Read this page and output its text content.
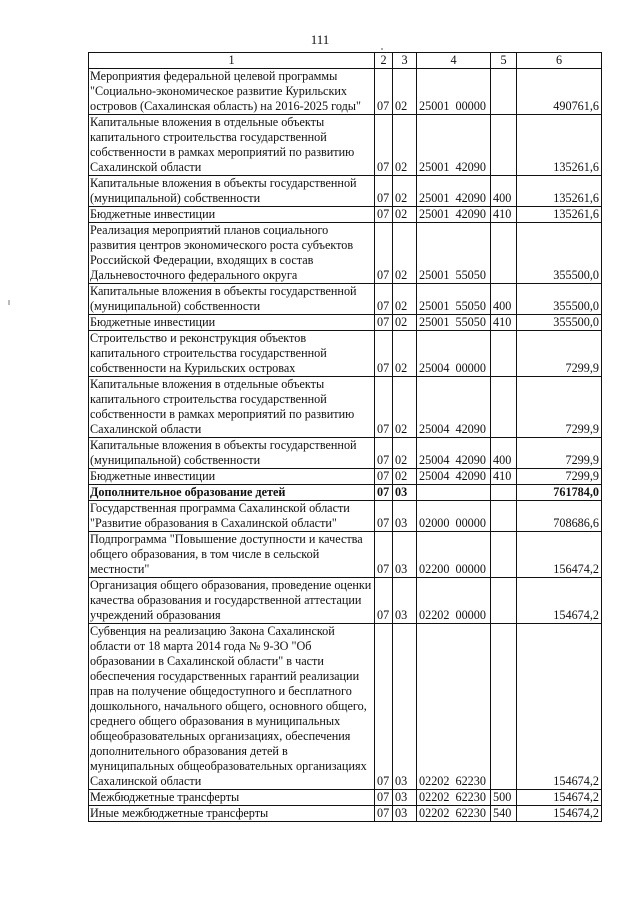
111
1	2	3	4	5	6
Мероприятия федеральной целевой программы "Социально-экономическое развитие Курильских островов (Сахалинская область) на 2016-2025 годы"	07	02	25001 00000		490761,6
Капитальные вложения в отдельные объекты капитального строительства государственной собственности в рамках мероприятий по развитию Сахалинской области	07	02	25001 42090		135261,6
Капитальные вложения в объекты государственной (муниципальной) собственности	07	02	25001 42090	400	135261,6
Бюджетные инвестиции	07	02	25001 42090	410	135261,6
Реализация мероприятий планов социального развития центров экономического роста субъектов Российской Федерации, входящих в состав Дальневосточного федерального округа	07	02	25001 55050		355500,0
Капитальные вложения в объекты государственной (муниципальной) собственности	07	02	25001 55050	400	355500,0
Бюджетные инвестиции	07	02	25001 55050	410	355500,0
Строительство и реконструкция объектов капитального строительства государственной собственности на Курильских островах	07	02	25004 00000		7299,9
Капитальные вложения в отдельные объекты капитального строительства государственной собственности в рамках мероприятий по развитию Сахалинской области	07	02	25004 42090		7299,9
Капитальные вложения в объекты государственной (муниципальной) собственности	07	02	25004 42090	400	7299,9
Бюджетные инвестиции	07	02	25004 42090	410	7299,9
Дополнительное образование детей	07	03			761784,0
Государственная программа Сахалинской области "Развитие образования в Сахалинской области"	07	03	02000 00000		708686,6
Подпрограмма "Повышение доступности и качества общего образования, в том числе в сельской местности"	07	03	02200 00000		156474,2
Организация общего образования, проведение оценки качества образования и государственной аттестации учреждений образования	07	03	02202 00000		154674,2
Субвенция на реализацию Закона Сахалинской области от 18 марта 2014 года № 9-ЗО "Об образовании в Сахалинской области" в части обеспечения государственных гарантий реализации прав на получение общедоступного и бесплатного дошкольного, начального общего, основного общего, среднего общего образования в муниципальных общеобразовательных организациях, обеспечения дополнительного образования детей в муниципальных общеобразовательных организациях Сахалинской области	07	03	02202 62230		154674,2
Межбюджетные трансферты	07	03	02202 62230	500	154674,2
Иные межбюджетные трансферты	07	03	02202 62230	540	154674,2
